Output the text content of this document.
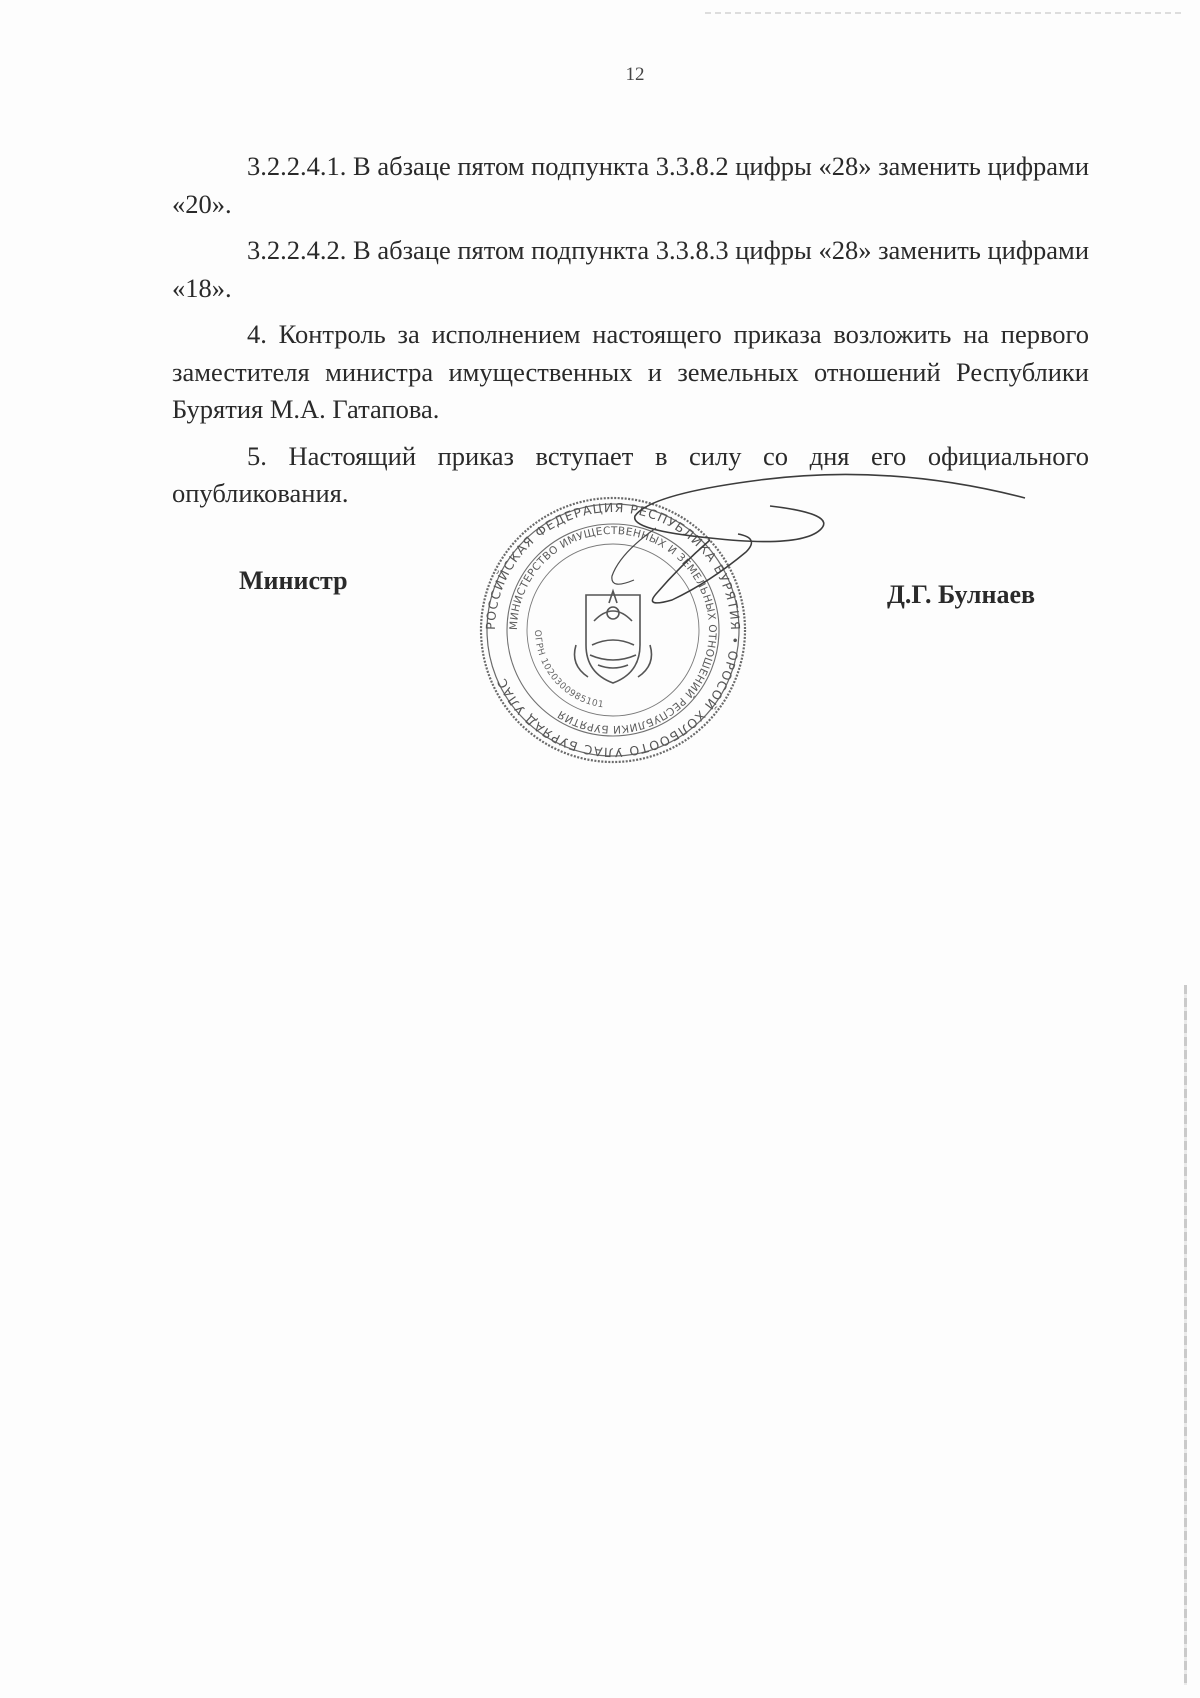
12

3.2.2.4.1. В абзаце пятом подпункта 3.3.8.2 цифры «28» заменить цифрами «20».

3.2.2.4.2. В абзаце пятом подпункта 3.3.8.3 цифры «28» заменить цифрами «18».

4. Контроль за исполнением настоящего приказа возложить на первого заместителя министра имущественных и земельных отношений Республики Бурятия М.А. Гатапова.

5. Настоящий приказ вступает в силу со дня его официального опубликования.

РОССИЙСКАЯ ФЕДЕРАЦИЯ РЕСПУБЛИКА БУРЯТИЯ • ОРОСОЙ ХОЛБООТО УЛАС БУРЯАД УЛАС
МИНИСТЕРСТВО ИМУЩЕСТВЕННЫХ И ЗЕМЕЛЬНЫХ ОТНОШЕНИЙ РЕСПУБЛИКИ БУРЯТИЯ
ОГРН 1020300985101
Министр	Д.Г. Булнаев
